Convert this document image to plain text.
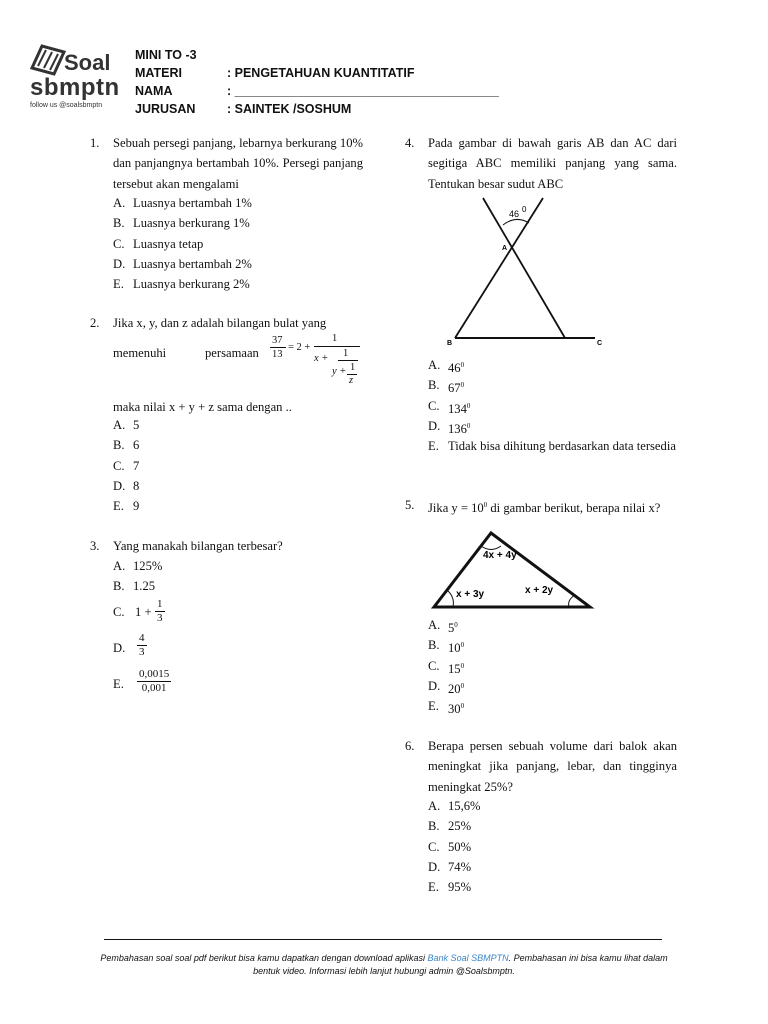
Soal
sbmptn
follow us @soalsbmptn
MINI TO -3
MATERI	: PENGETAHUAN KUANTITATIF
NAMA	: ______________________________________
JURUSAN	: SAINTEK /SOSHUM
1. Sebuah persegi panjang, lebarnya berkurang 10% dan panjangnya bertambah 10%. Persegi panjang tersebut akan mengalami
A. Luasnya bertambah 1%
B. Luasnya berkurang 1%
C. Luasnya tetap
D. Luasnya bertambah 2%
E. Luasnya berkurang 2%
2. Jika x, y, dan z adalah bilangan bulat yang
memenuhi	persamaan
37
13
= 2 +
1
x + 1
y + 1
z
maka nilai x + y + z sama dengan ..
A. 5
B. 6
C. 7
D. 8
E. 9
3. Yang manakah bilangan terbesar?
A. 125%
B. 1.25
C. $1 + \frac{1}{3}$
D. $\frac{4}{3}$
E. $\frac{0,0015}{0,001}$
4. Pada gambar di bawah garis AB dan AC dari segitiga ABC memiliki panjang yang sama. Tentukan besar sudut ABC
46 0
A
B	C
A. $46^0$
B. $67^0$
C. $134^0$
D. $136^0$
E. Tidak bisa dihitung berdasarkan data tersedia
5. Jika $y = 10^0$ di gambar berikut, berapa nilai x?
4x + 4y
x + 3y	x + 2y
A. $5^0$
B. $10^0$
C. $15^0$
D. $20^0$
E. $30^0$
6. Berapa persen sebuah volume dari balok akan meningkat jika panjang, lebar, dan tingginya meningkat 25%?
A. 15,6%
B. 25%
C. 50%
D. 74%
E. 95%
Pembahasan soal soal pdf berikut bisa kamu dapatkan dengan download aplikasi Bank Soal SBMPTN. Pembahasan ini bisa kamu lihat dalam bentuk video. Informasi lebih lanjut hubungi admin @Soalsbmptn.
